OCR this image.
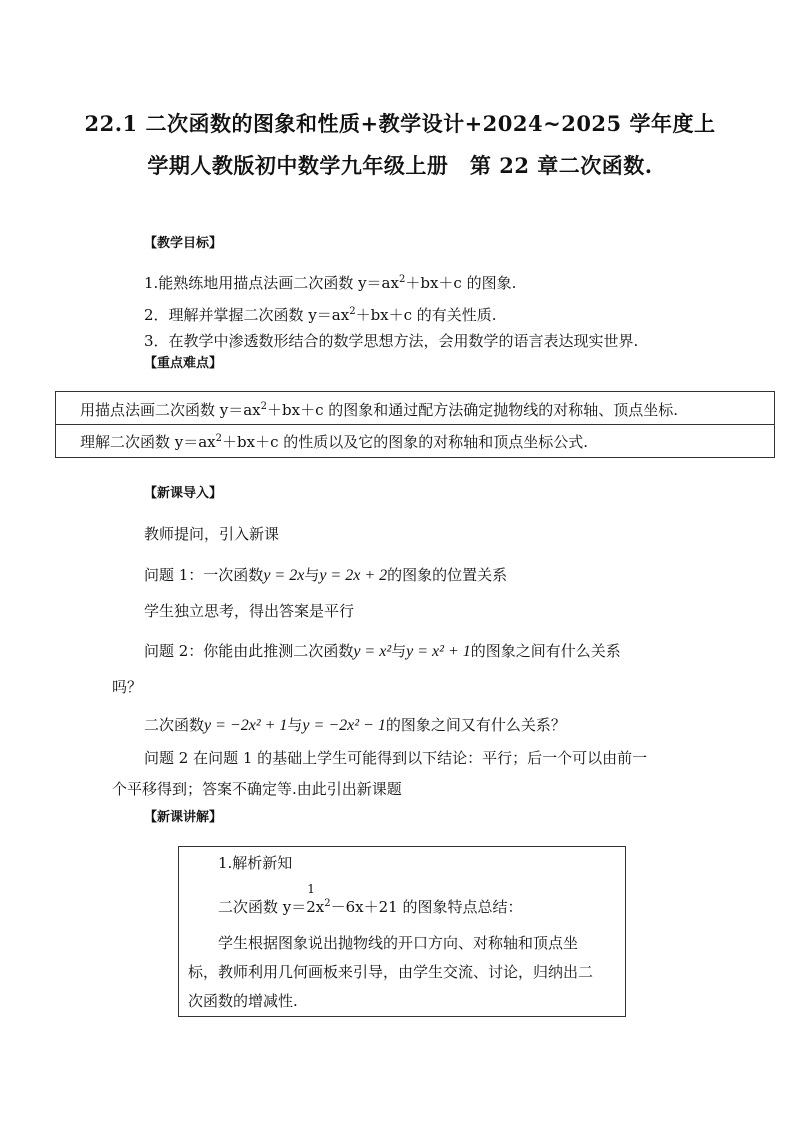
22.1 二次函数的图象和性质+教学设计+2024~2025 学年度上
学期人教版初中数学九年级上册　第 22 章二次函数.
【教学目标】
1.能熟练地用描点法画二次函数 $y=ax^2+bx+c$ 的图象.
2．理解并掌握二次函数 $y=ax^2+bx+c$ 的有关性质.
3．在教学中渗透数形结合的数学思想方法，会用数学的语言表达现实世界.
【重点难点】
用描点法画二次函数 $y=ax^2+bx+c$ 的图象和通过配方法确定抛物线的对称轴、顶点坐标.
理解二次函数 $y=ax^2+bx+c$ 的性质以及它的图象的对称轴和顶点坐标公式.
【新课导入】
教师提问，引入新课
问题 1：一次函数y = 2x与y = 2x + 2的图象的位置关系
学生独立思考，得出答案是平行
问题 2：你能由此推测二次函数y = x²与y = x² + 1的图象之间有什么关系
吗？
二次函数y = −2x² + 1与y = −2x² − 1的图象之间又有什么关系？
问题 2 在问题 1 的基础上学生可能得到以下结论：平行；后一个可以由前一
个平移得到；答案不确定等.由此引出新课题
【新课讲解】
1.解析新知
二次函数 y＝
1
$2x^2-6x+21$ 的图象特点总结：
学生根据图象说出抛物线的开口方向、对称轴和顶点坐
标，教师利用几何画板来引导，由学生交流、讨论，归纳出二
次函数的增减性.
